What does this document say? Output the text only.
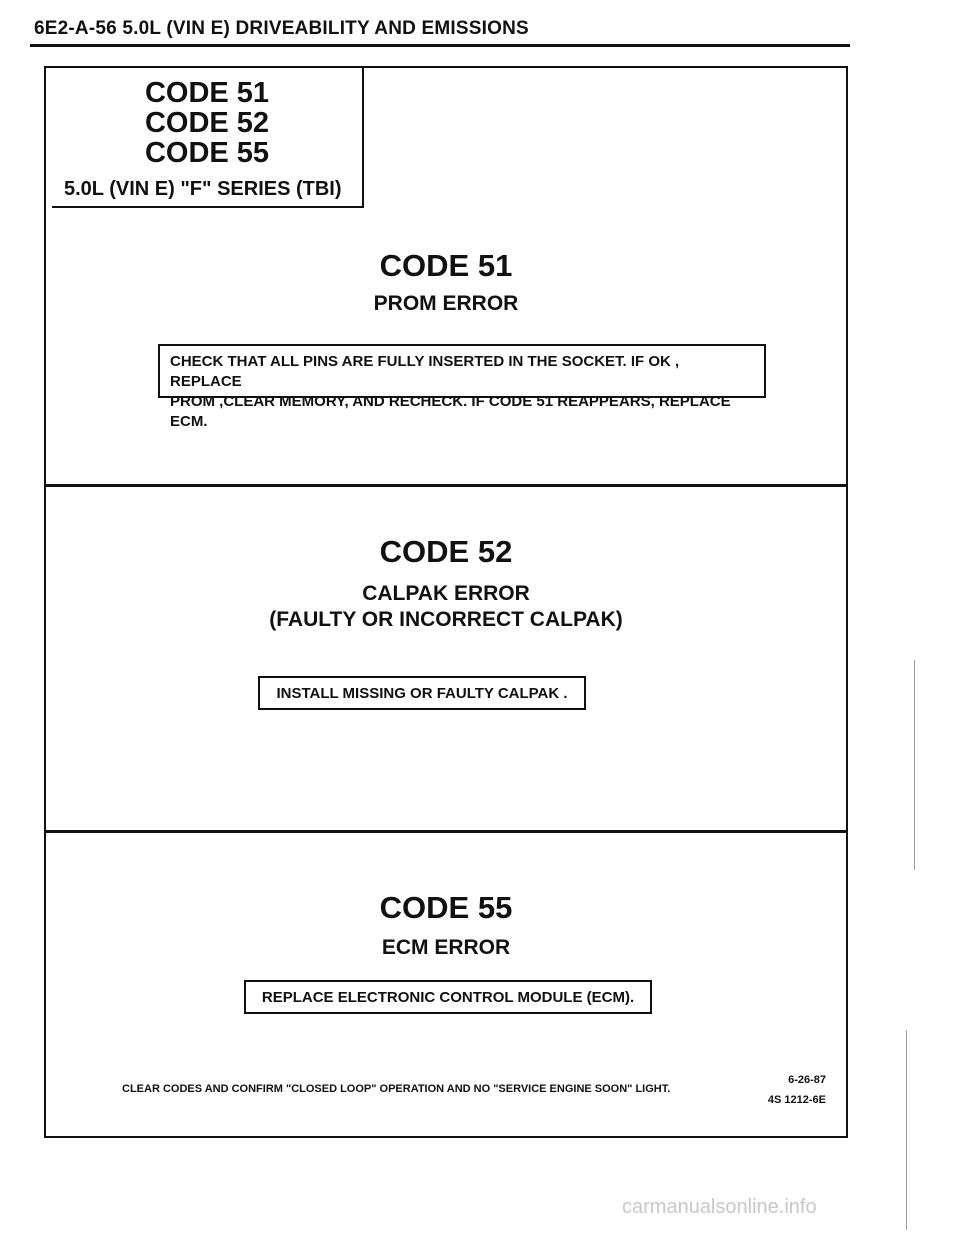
6E2-A-56 5.0L (VIN E) DRIVEABILITY AND EMISSIONS
CODE 51
CODE 52
CODE 55
5.0L (VIN E) "F" SERIES (TBI)
CODE 51
PROM ERROR
CHECK THAT ALL PINS ARE FULLY INSERTED IN THE SOCKET. IF OK , REPLACE
PROM ,CLEAR MEMORY, AND RECHECK. IF CODE 51 REAPPEARS, REPLACE ECM.
CODE 52
CALPAK ERROR
(FAULTY OR INCORRECT CALPAK)
INSTALL MISSING OR FAULTY CALPAK .
CODE 55
ECM ERROR
REPLACE ELECTRONIC CONTROL MODULE (ECM).
CLEAR CODES AND CONFIRM "CLOSED LOOP" OPERATION AND NO "SERVICE ENGINE SOON" LIGHT.
6-26-87
4S 1212-6E
carmanualsonline.info
